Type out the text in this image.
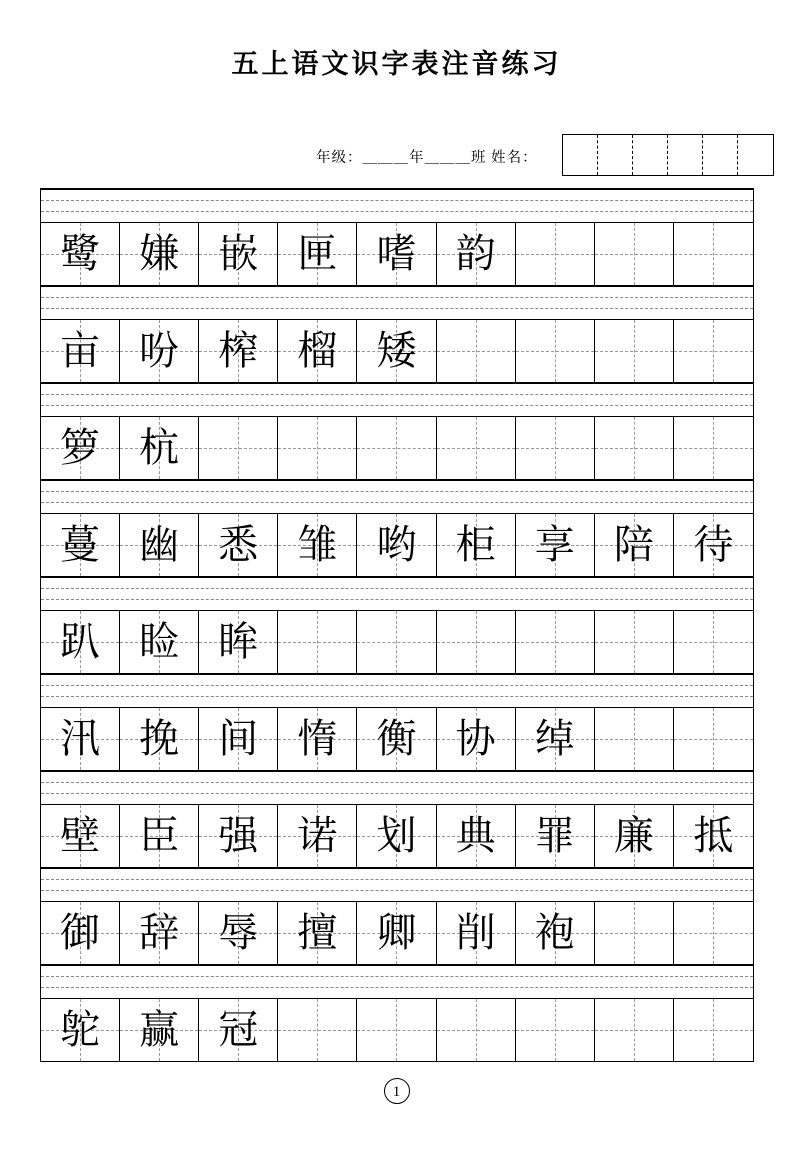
五上语文识字表注音练习
年级：＿＿＿年＿＿＿班 姓名：
鹭 嫌 嵌 匣 嗜 韵
亩 吩 榨 榴 矮
箩 杭
蔓 幽 悉 雏 哟 柜 享 陪 待
趴 睑 眸
汛 挽 间 惰 衡 协 绰
壁 臣 强 诺 划 典 罪 廉 抵
御 辞 辱 擅 卿 削 袍
鸵 赢 冠
1
